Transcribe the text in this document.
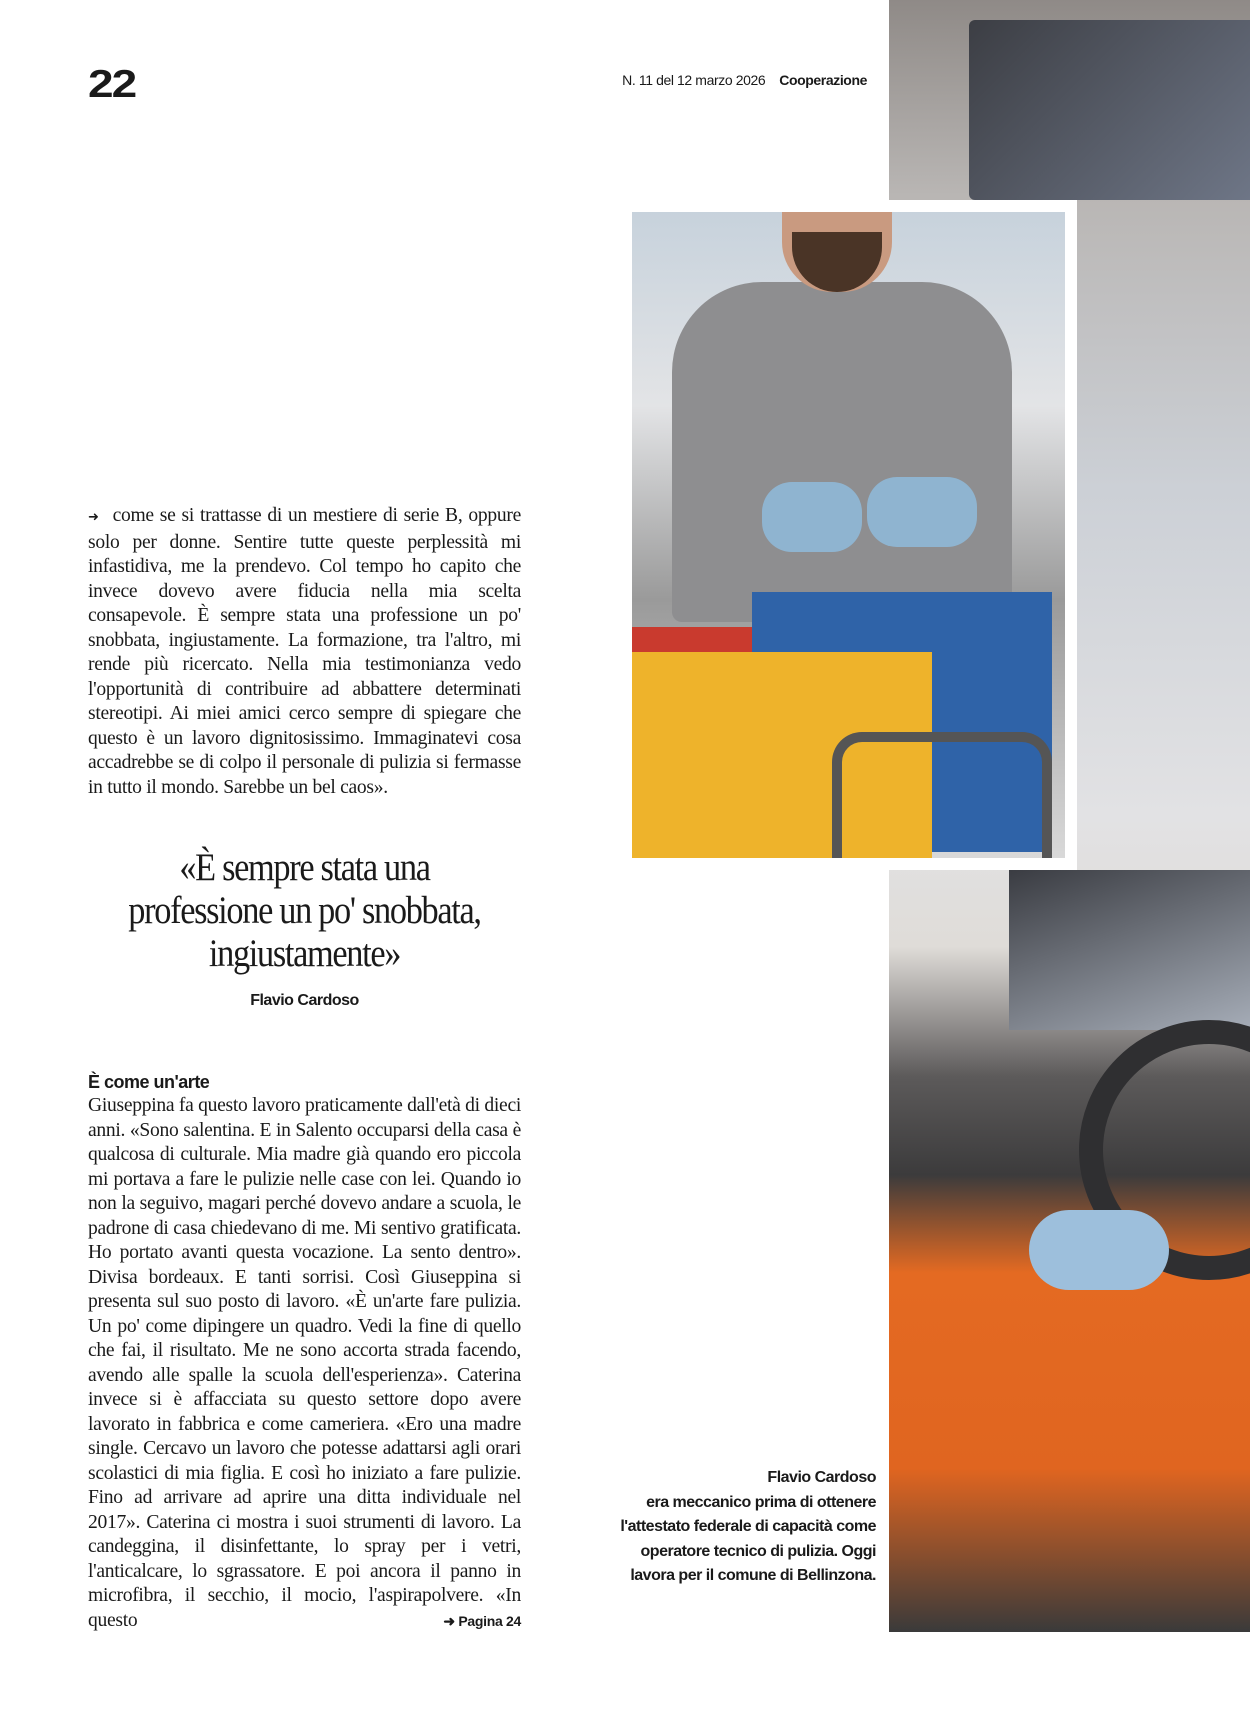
22	N. 11 del 12 marzo 2026 Cooperazione
➜ come se si trattasse di un mestiere di serie B, oppure solo per donne. Sentire tutte queste perplessità mi infastidiva, me la prendevo. Col tempo ho capito che invece dovevo avere fiducia nella mia scelta consapevole. È sempre stata una professione un po' snobbata, ingiustamente. La formazione, tra l'altro, mi rende più ricercato. Nella mia testimonianza vedo l'opportunità di contribuire ad abbattere determinati stereotipi. Ai miei amici cerco sempre di spiegare che questo è un lavoro dignitosissimo. Immaginatevi cosa accadrebbe se di colpo il personale di pulizia si fermasse in tutto il mondo. Sarebbe un bel caos».
«È sempre stata una professione un po' snobbata, ingiustamente»
Flavio Cardoso
È come un'arte
Giuseppina fa questo lavoro praticamente dall'età di dieci anni. «Sono salentina. E in Salento occuparsi della casa è qualcosa di culturale. Mia madre già quando ero piccola mi portava a fare le pulizie nelle case con lei. Quando io non la seguivo, magari perché dovevo andare a scuola, le padrone di casa chiedevano di me. Mi sentivo gratificata. Ho portato avanti questa vocazione. La sento dentro». Divisa bordeaux. E tanti sorrisi. Così Giuseppina si presenta sul suo posto di lavoro. «È un'arte fare pulizia. Un po' come dipingere un quadro. Vedi la fine di quello che fai, il risultato. Me ne sono accorta strada facendo, avendo alle spalle la scuola dell'esperienza». Caterina invece si è affacciata su questo settore dopo avere lavorato in fabbrica e come cameriera. «Ero una madre single. Cercavo un lavoro che potesse adattarsi agli orari scolastici di mia figlia. E così ho iniziato a fare pulizie. Fino ad arrivare ad aprire una ditta individuale nel 2017». Caterina ci mostra i suoi strumenti di lavoro. La candeggina, il disinfettante, lo spray per i vetri, l'anticalcare, lo sgrassatore. E poi ancora il panno in microfibra, il secchio, il mocio, l'aspirapolvere. «In questo	➜ Pagina 24
Flavio Cardoso
era meccanico prima di ottenere l'attestato federale di capacità come operatore tecnico di pulizia. Oggi lavora per il comune di Bellinzona.
